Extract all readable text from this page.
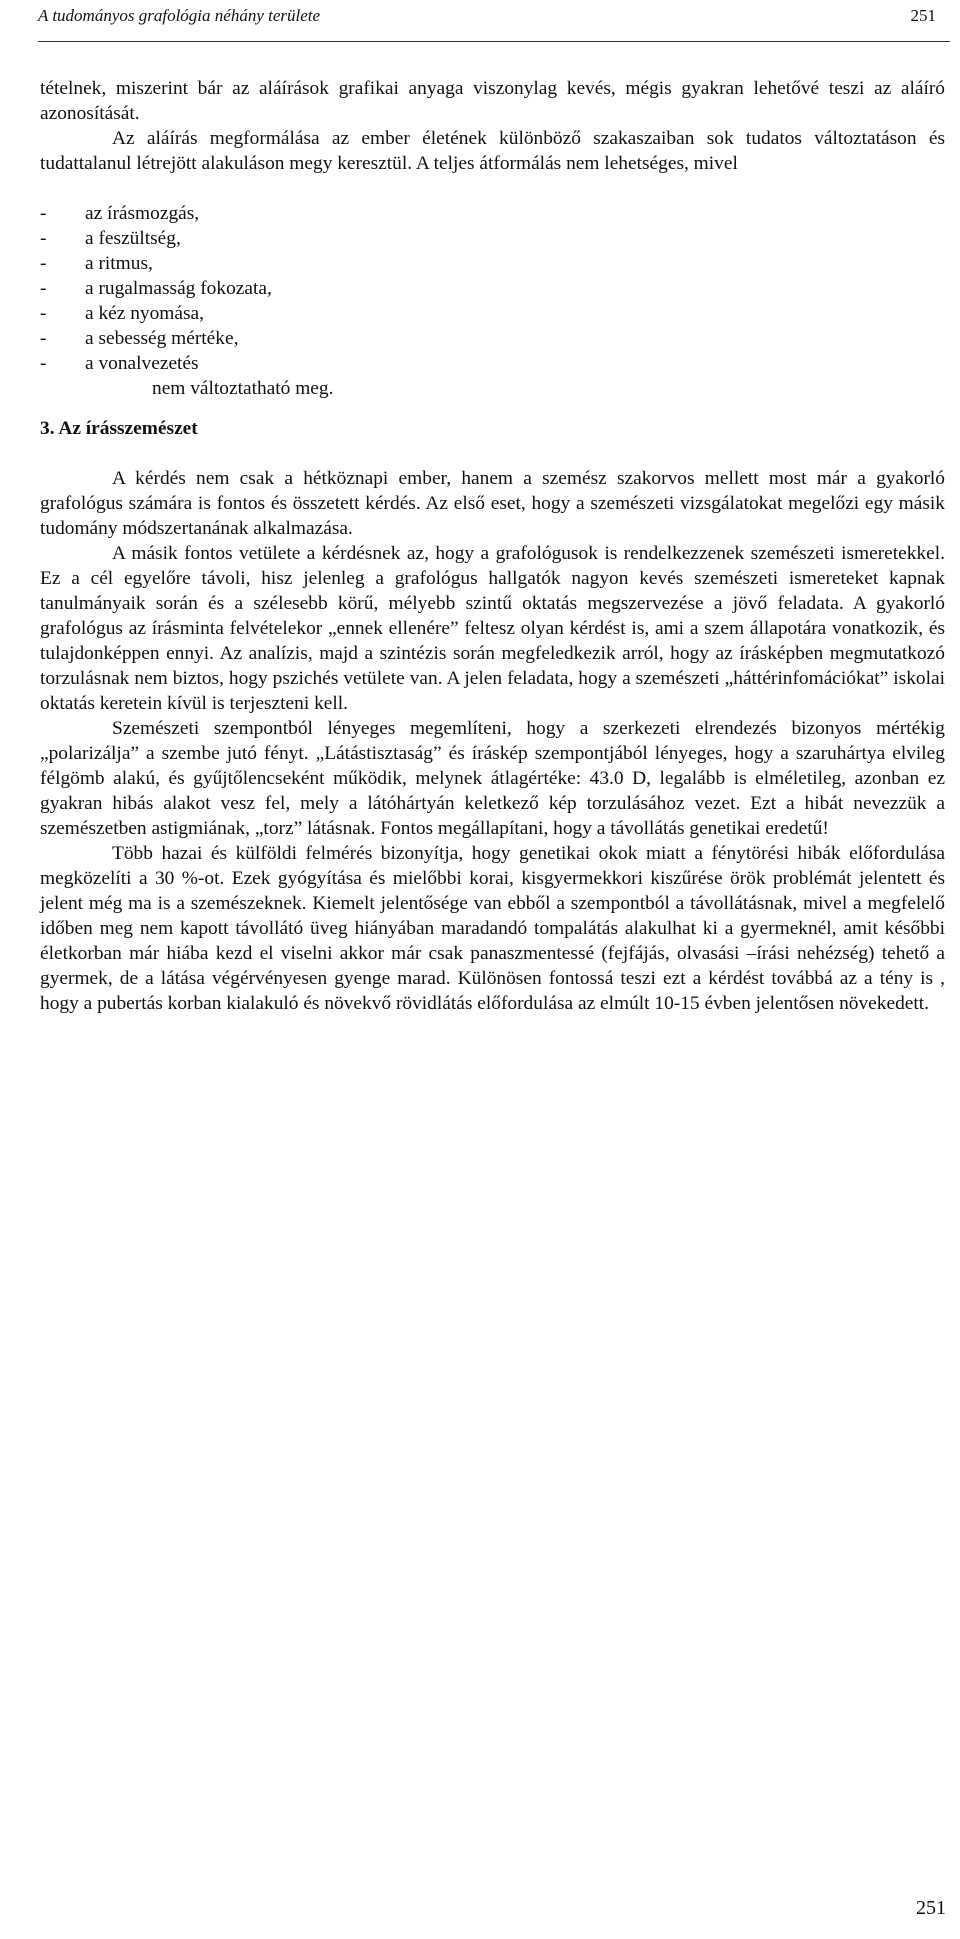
A tudományos grafológia néhány területe	251

tételnek, miszerint bár az aláírások grafikai anyaga viszonylag kevés, mégis gyakran lehetővé teszi az aláíró azonosítását.

Az aláírás megformálása az ember életének különböző szakaszaiban sok tudatos változtatáson és tudattalanul létrejött alakuláson megy keresztül. A teljes átformálás nem lehetséges, mivel

-	az írásmozgás,
-	a feszültség,
-	a ritmus,
-	a rugalmasság fokozata,
-	a kéz nyomása,
-	a sebesség mértéke,
-	a vonalvezetés

nem változtatható meg.

3. Az írásszemészet

A kérdés nem csak a hétköznapi ember, hanem a szemész szakorvos mellett most már a gyakorló grafológus számára is fontos és összetett kérdés. Az első eset, hogy a szemészeti vizsgálatokat megelőzi egy másik tudomány módszertanának alkalmazása.

A másik fontos vetülete a kérdésnek az, hogy a grafológusok is rendelkezzenek szemészeti ismeretekkel. Ez a cél egyelőre távoli, hisz jelenleg a grafológus hallgatók nagyon kevés szemészeti ismereteket kapnak tanulmányaik során és a szélesebb körű, mélyebb szintű oktatás megszervezése a jövő feladata. A gyakorló grafológus az írásminta felvételekor „ennek ellenére” feltesz olyan kérdést is, ami a szem állapotára vonatkozik, és tulajdonképpen ennyi. Az analízis, majd a szintézis során megfeledkezik arról, hogy az írásképben megmutatkozó torzulásnak nem biztos, hogy pszichés vetülete van. A jelen feladata, hogy a szemészeti „háttérinfomációkat” iskolai oktatás keretein kívül is terjeszteni kell.

Szemészeti szempontból lényeges megemlíteni, hogy a szerkezeti elrendezés bizonyos mértékig „polarizálja” a szembe jutó fényt. „Látástisztaság” és íráskép szempontjából lényeges, hogy a szaruhártya elvileg félgömb alakú, és gyűjtőlencseként működik, melynek átlagértéke: 43.0 D, legalább is elméletileg, azonban ez gyakran hibás alakot vesz fel, mely a látóhártyán keletkező kép torzulásához vezet. Ezt a hibát nevezzük a szemészetben astigmiának, „torz” látásnak. Fontos megállapítani, hogy a távollátás genetikai eredetű!

Több hazai és külföldi felmérés bizonyítja, hogy genetikai okok miatt a fénytörési hibák előfordulása megközelíti a 30 %-ot. Ezek gyógyítása és mielőbbi korai, kisgyermekkori kiszűrése örök problémát jelentett és jelent még ma is a szemészeknek. Kiemelt jelentősége van ebből a szempontból a távollátásnak, mivel a megfelelő időben meg nem kapott távollátó üveg hiányában maradandó tompalátás alakulhat ki a gyermeknél, amit későbbi életkorban már hiába kezd el viselni akkor már csak panaszmentessé (fejfájás, olvasási –írási nehézség) tehető a gyermek, de a látása végérvényesen gyenge marad. Különösen fontossá teszi ezt a kérdést továbbá az a tény is , hogy a pubertás korban kialakuló és növekvő rövidlátás előfordulása az elmúlt 10-15 évben jelentősen növekedett.

251
